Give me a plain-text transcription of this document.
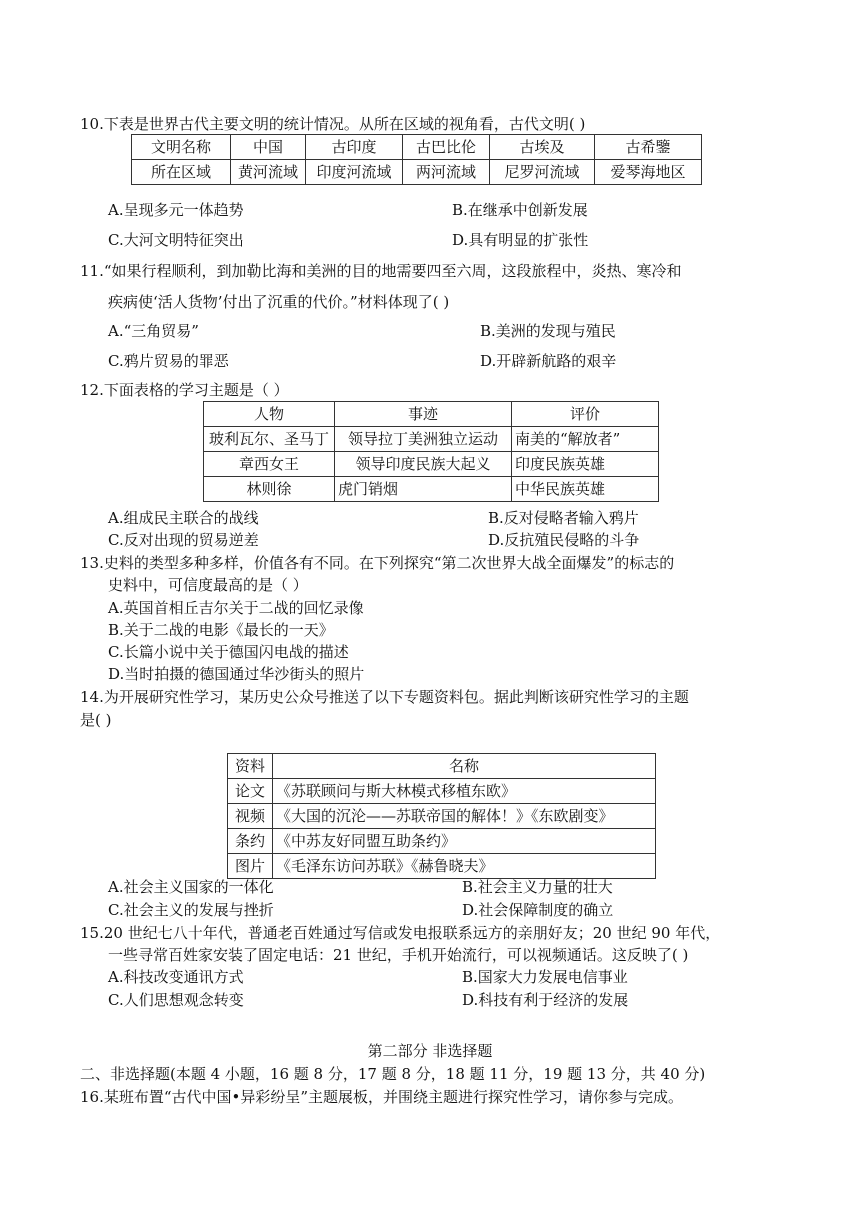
10.下表是世界古代主要文明的统计情况。从所在区域的视角看，古代文明( )
文明名称	中国	古印度	古巴比伦	古埃及	古希鑒
所在区域	黄河流域	印度河流域	两河流域	尼罗河流域	爱琴海地区
A.呈现多元一体趋势	B.在继承中创新发展
C.大河文明特征突出	D.具有明显的扩张性
11.“如果行程顺利，到加勒比海和美洲的目的地需要四至六周，这段旅程中，炎热、寒冷和
疾病使‘活人货物’付出了沉重的代价。”材料体现了( )
A.“三角贸易”	B.美洲的发现与殖民
C.鸦片贸易的罪恶	D.开辟新航路的艰辛
12.下面表格的学习主题是（ ）
人物	事迹	评价
玻利瓦尔、圣马丁	领导拉丁美洲独立运动	南美的“解放者”
章西女王	领导印度民族大起义	印度民族英雄
林则徐	虎门销烟	中华民族英雄
A.组成民主联合的战线	B.反对侵略者输入鸦片
C.反对出现的贸易逆差	D.反抗殖民侵略的斗争
13.史料的类型多种多样，价值各有不同。在下列探究“第二次世界大战全面爆发”的标志的
史料中，可信度最高的是（ ）
A.英国首相丘吉尔关于二战的回忆录像
B.关于二战的电影《最长的一天》
C.长篇小说中关于德国闪电战的描述
D.当时拍摄的德国通过华沙街头的照片
14.为开展研究性学习，某历史公众号推送了以下专题资料包。据此判断该研究性学习的主题
是( )
资料	名称
论文	《苏联顾问与斯大林模式移植东欧》
视频	《大国的沉沦——苏联帝国的解体！》《东欧剧变》
条约	《中苏友好同盟互助条约》
图片	《毛泽东访问苏联》《赫鲁晓夫》
A.社会主义国家的一体化	B.社会主义力量的壮大
C.社会主义的发展与挫折	D.社会保障制度的确立
15.20 世纪七八十年代，普通老百姓通过写信或发电报联系远方的亲朋好友；20 世纪 90 年代，
一些寻常百姓家安装了固定电话：21 世纪，手机开始流行，可以视频通话。这反映了( )
A.科技改变通讯方式	B.国家大力发展电信事业
C.人们思想观念转变	D.科技有利于经济的发展
第二部分 非选择题
二、非选择题(本题 4 小题，16 题 8 分，17 题 8 分，18 题 11 分，19 题 13 分，共 40 分)
16.某班布置“古代中国•异彩纷呈”主题展板，并围绕主题进行探究性学习，请你参与完成。
